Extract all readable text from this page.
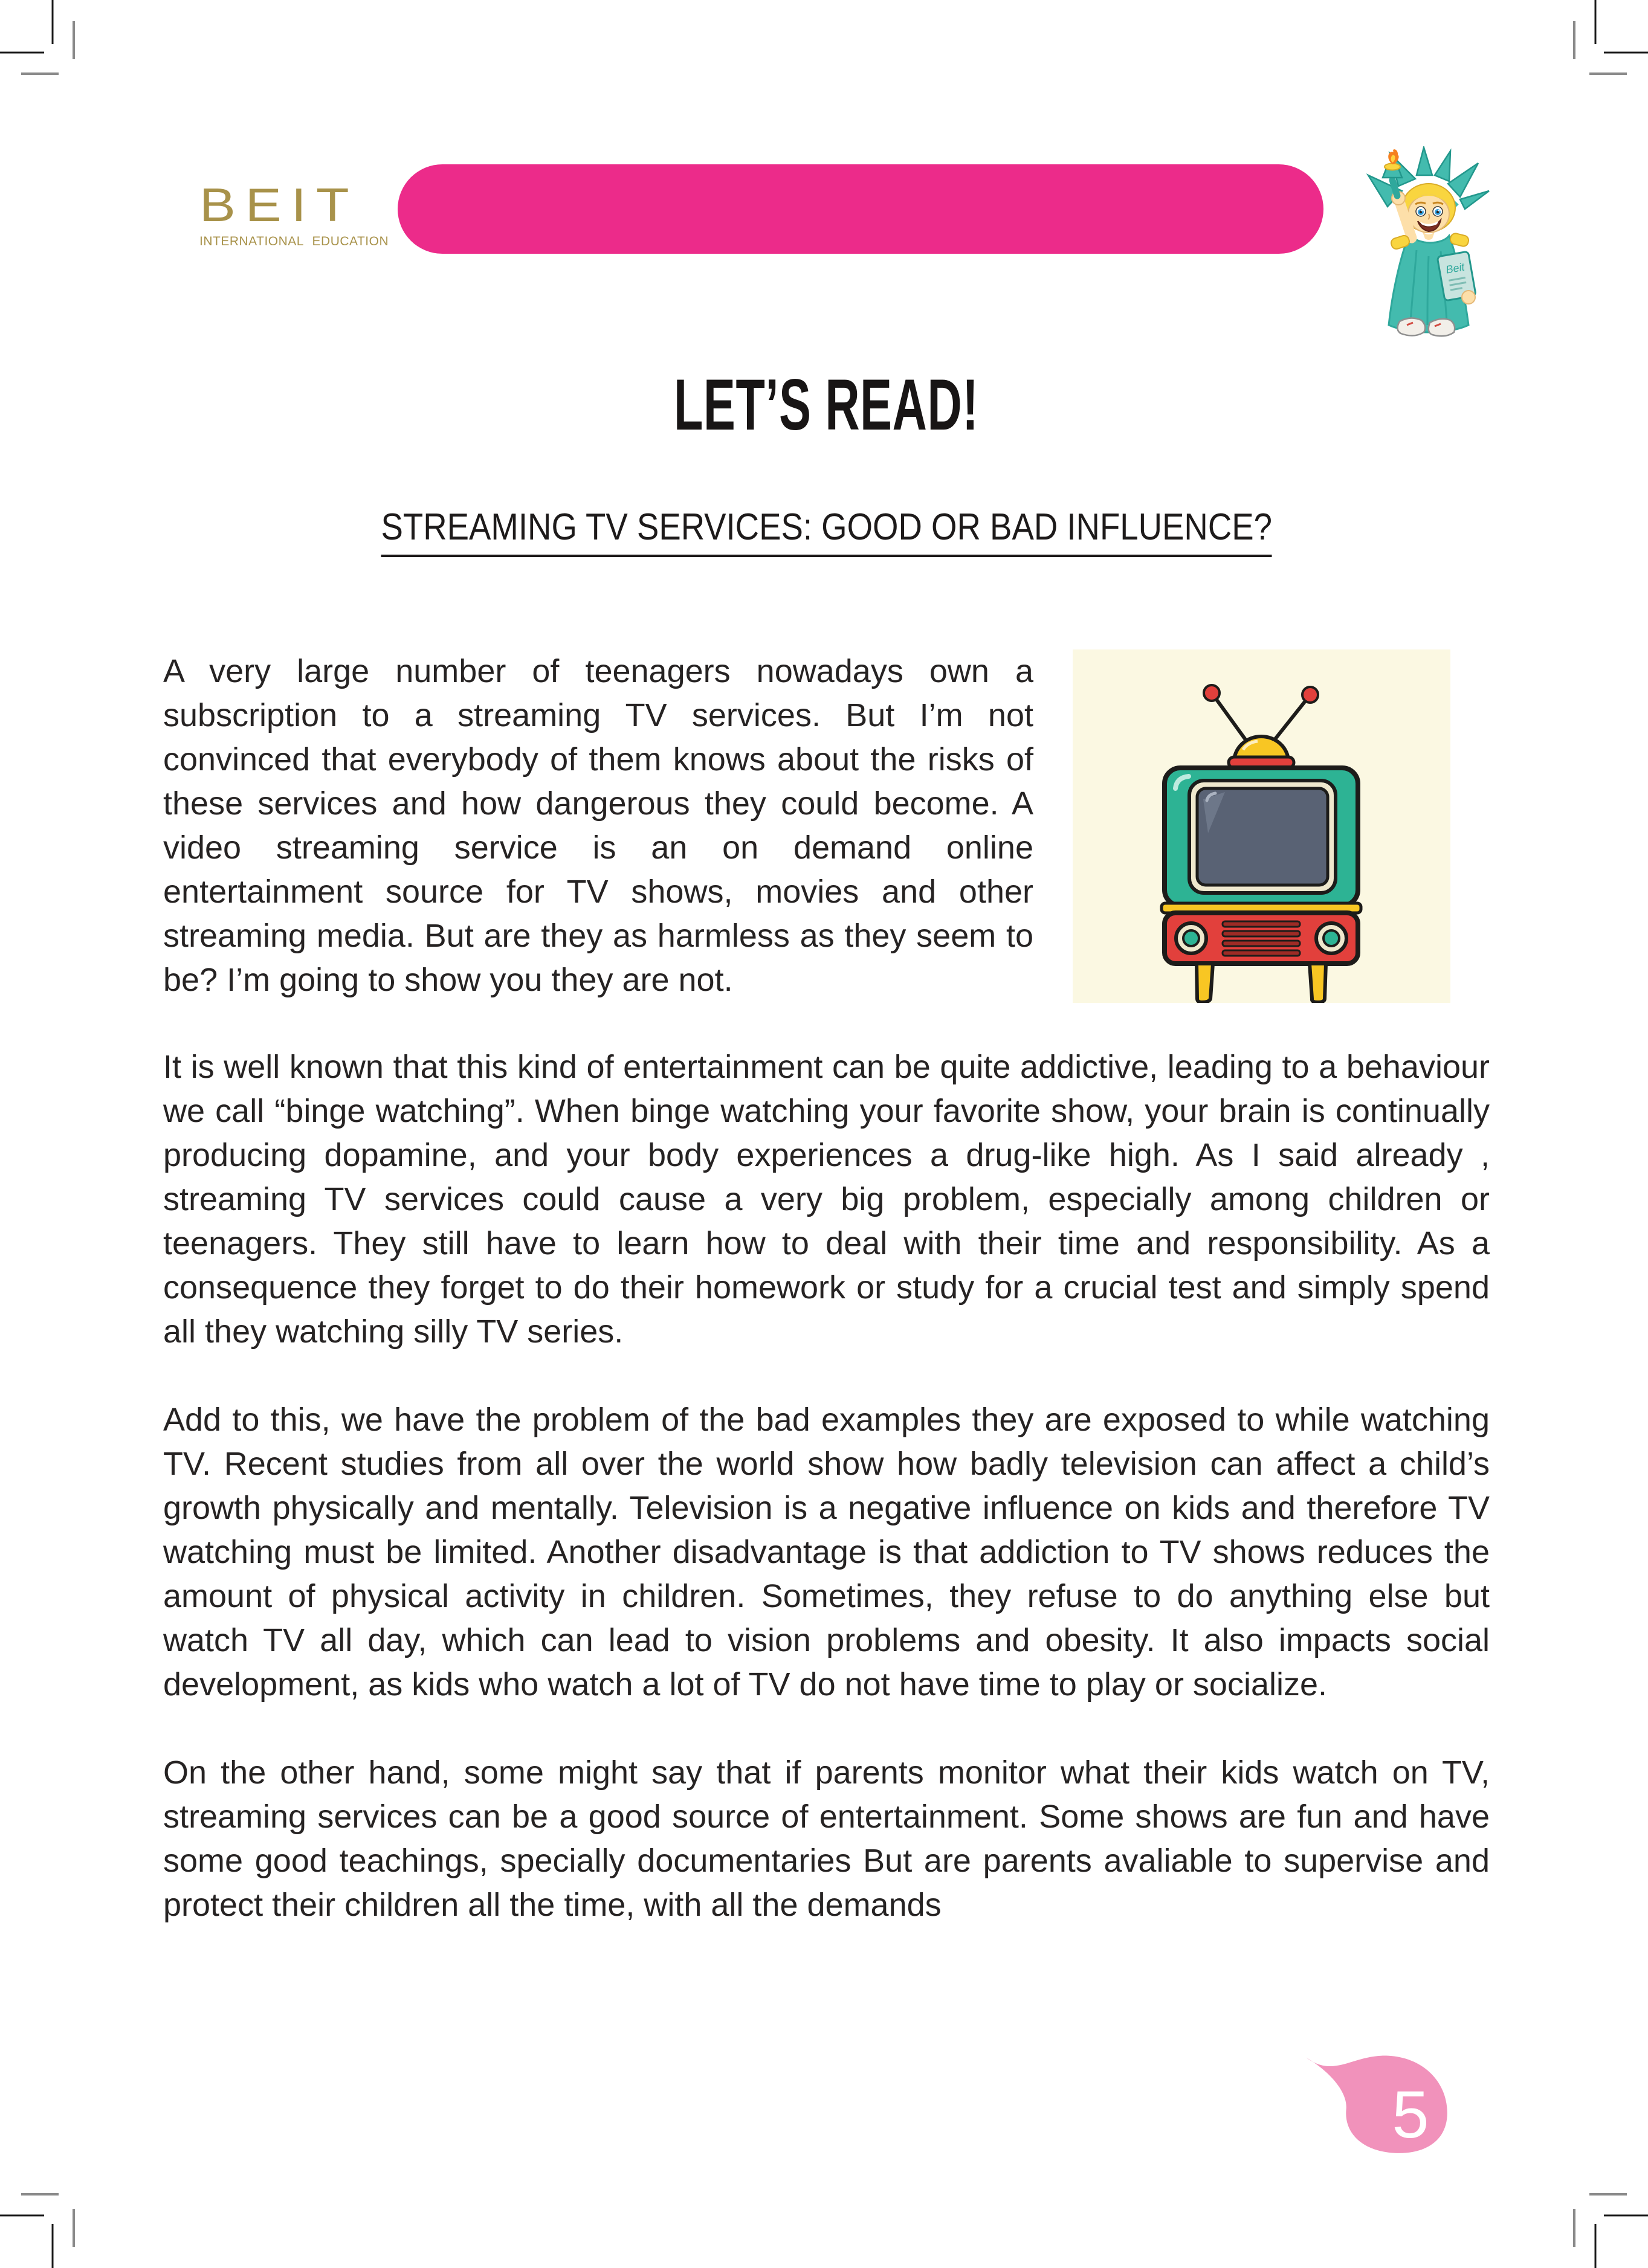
BEIT
INTERNATIONAL EDUCATION
Beit
LET’S READ!
STREAMING TV SERVICES: GOOD OR BAD INFLUENCE?

A very large number of teenagers nowadays own a subscription to a streaming TV services. But I’m not convinced that everybody of them knows about the risks of these services and how dangerous they could become. A video streaming service is an on demand online entertainment source for TV shows, movies and other streaming media. But are they as harmless as they seem to be? I’m going to show you they are not.

It is well known that this kind of entertainment can be quite addictive, leading to a behaviour we call “binge watching”. When binge watching your favorite show, your brain is continually producing dopamine, and your body experiences a drug-like high. As I said already , streaming TV services could cause a very big problem, especially among children or teenagers. They still have to learn how to deal with their time and responsibility. As a consequence they forget to do their homework or study for a crucial test and simply spend all they watching silly TV series.

Add to this, we have the problem of the bad examples they are exposed to while watching TV. Recent studies from all over the world show how badly television can affect a child’s growth physically and mentally. Television is a negative influence on kids and therefore TV watching must be limited. Another disadvantage is that addiction to TV shows reduces the amount of physical activity in children. Sometimes, they refuse to do anything else but watch TV all day, which can lead to vision problems and obesity. It also impacts social development, as kids who watch a lot of TV do not have time to play or socialize.

On the other hand, some might say that if parents monitor what their kids watch on TV, streaming services can be a good source of entertainment. Some shows are fun and have some good teachings, specially documentaries But are parents avaliable to supervise and protect their children all the time, with all the demands

5
